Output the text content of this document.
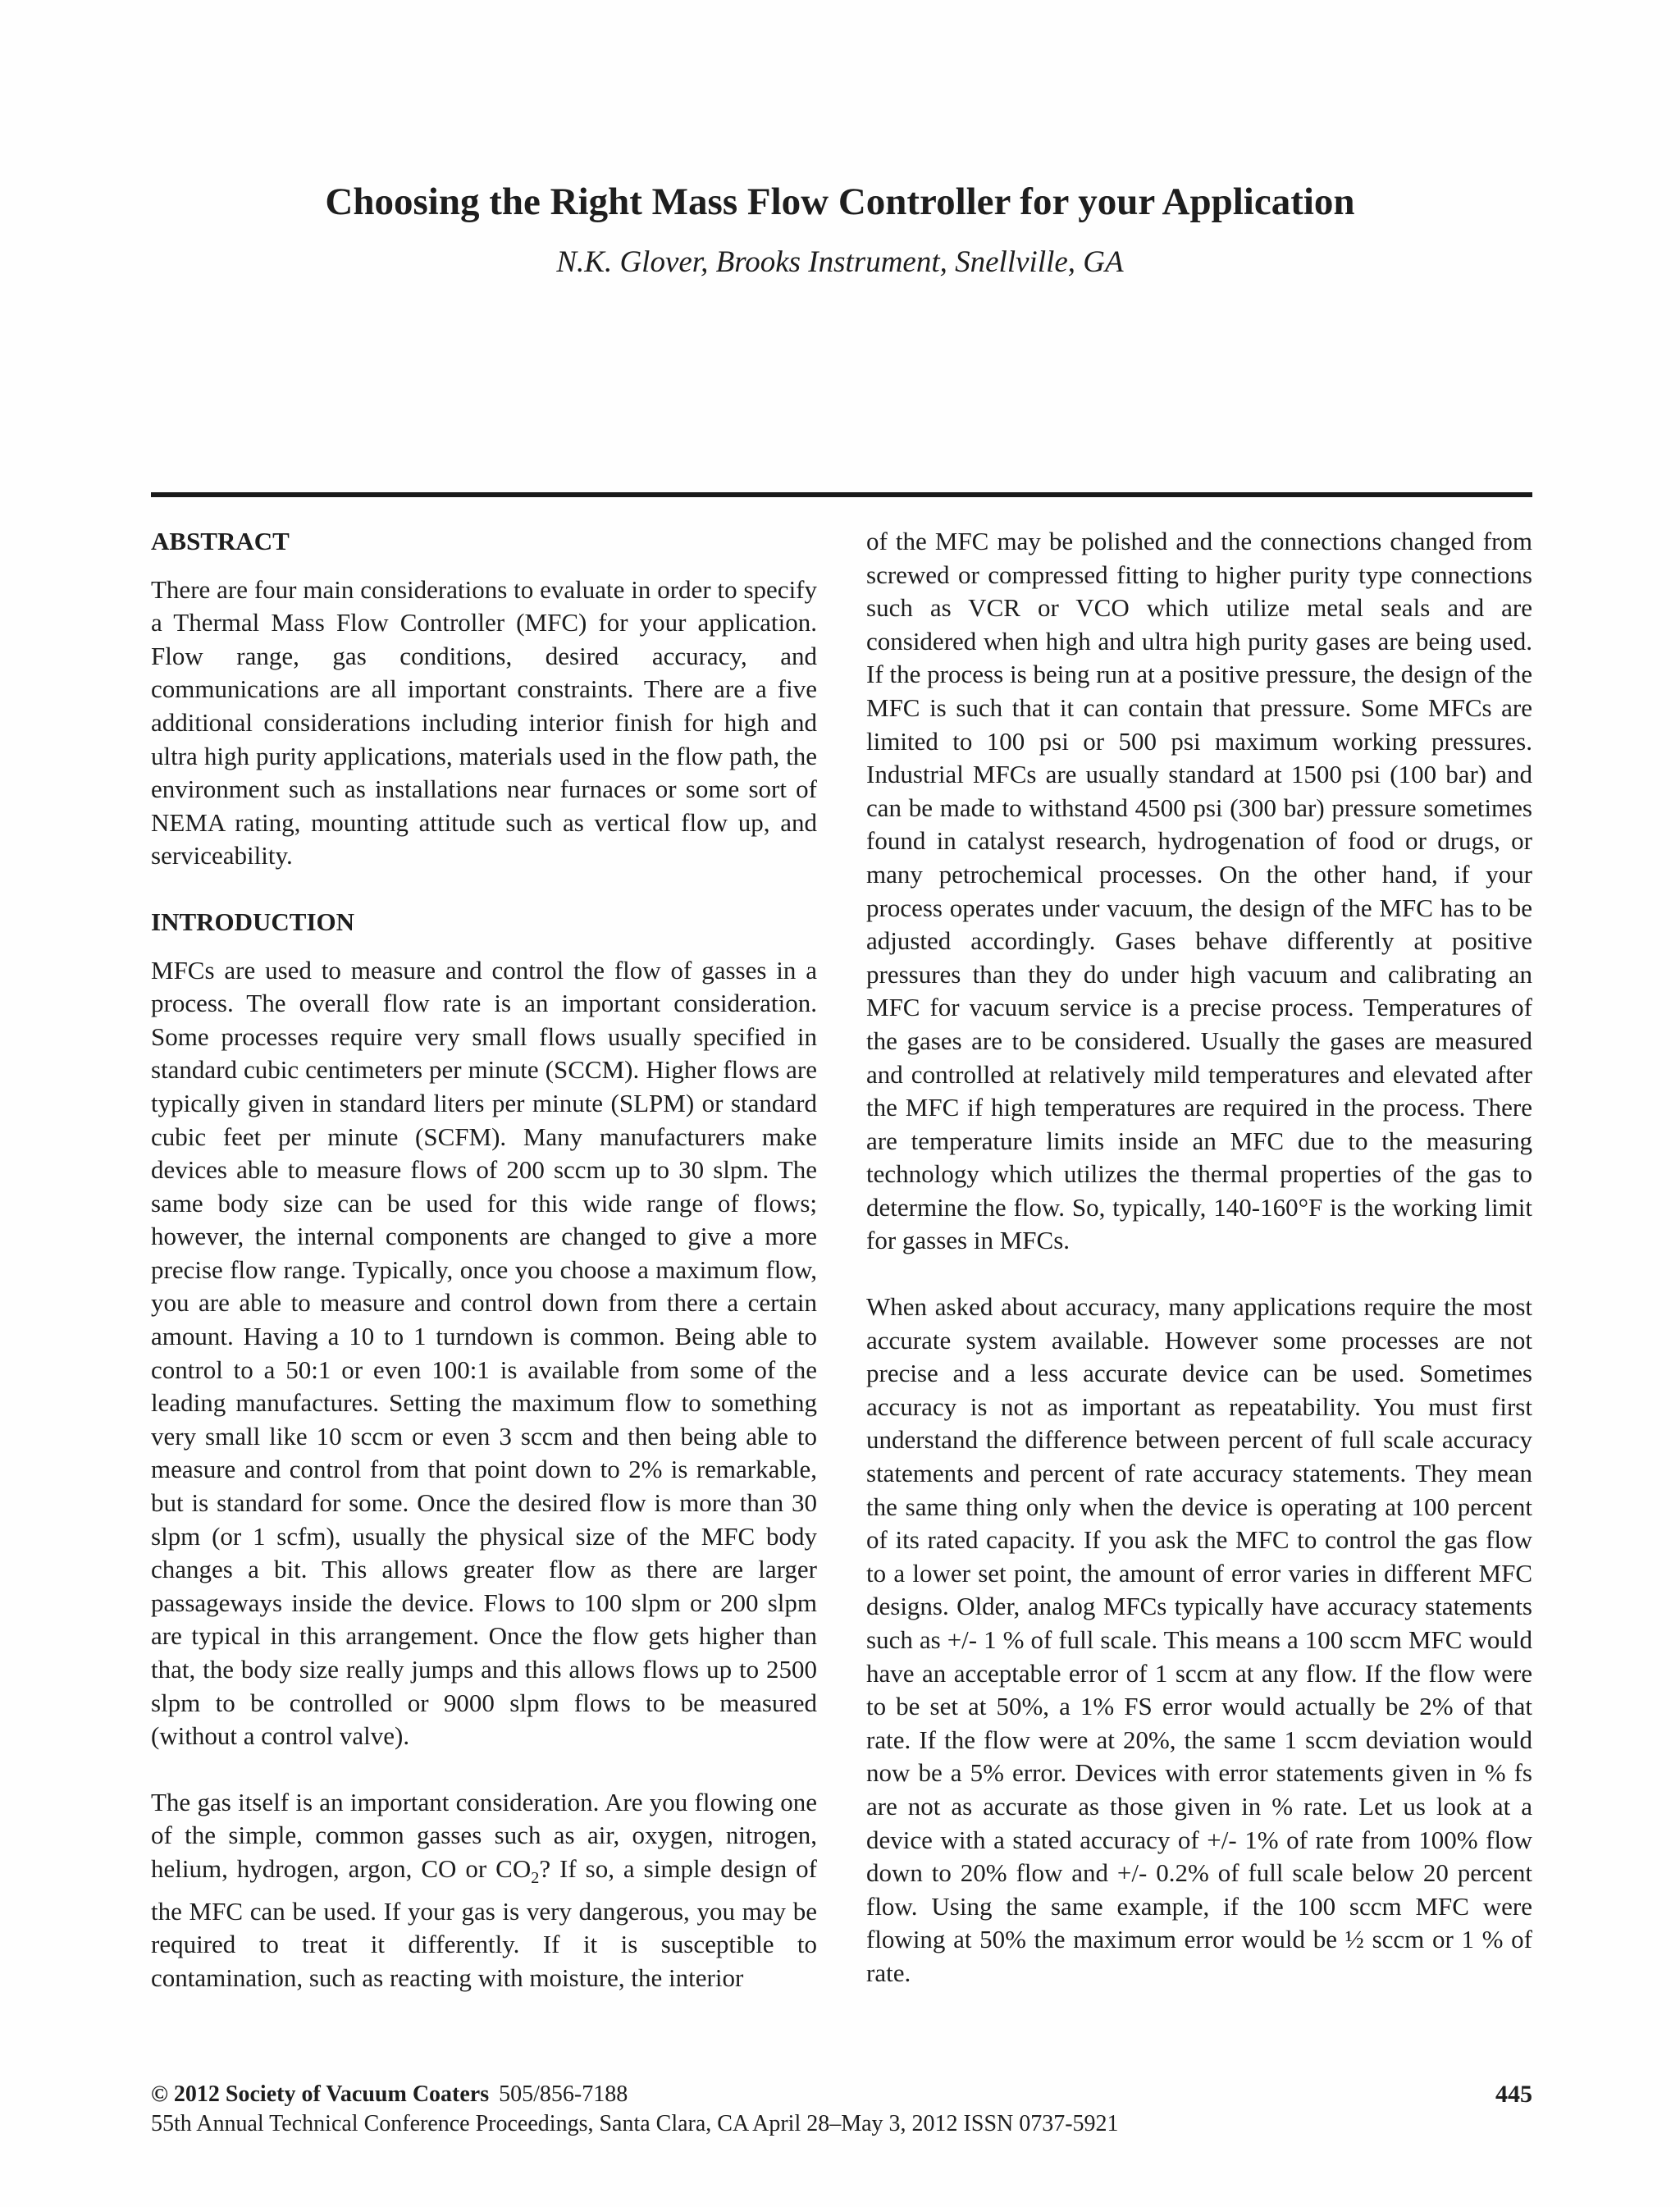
Choosing the Right Mass Flow Controller for your Application
N.K. Glover, Brooks Instrument, Snellville, GA
ABSTRACT

There are four main considerations to evaluate in order to specify a Thermal Mass Flow Controller (MFC) for your application. Flow range, gas conditions, desired accuracy, and communications are all important constraints. There are a five additional considerations including interior finish for high and ultra high purity applications, materials used in the flow path, the environment such as installations near furnaces or some sort of NEMA rating, mounting attitude such as vertical flow up, and serviceability.

INTRODUCTION

MFCs are used to measure and control the flow of gasses in a process. The overall flow rate is an important consideration. Some processes require very small flows usually specified in standard cubic centimeters per minute (SCCM). Higher flows are typically given in standard liters per minute (SLPM) or standard cubic feet per minute (SCFM). Many manufacturers make devices able to measure flows of 200 sccm up to 30 slpm. The same body size can be used for this wide range of flows; however, the internal components are changed to give a more precise flow range. Typically, once you choose a maximum flow, you are able to measure and control down from there a certain amount. Having a 10 to 1 turndown is common. Being able to control to a 50:1 or even 100:1 is available from some of the leading manufactures. Setting the maximum flow to something very small like 10 sccm or even 3 sccm and then being able to measure and control from that point down to 2% is remarkable, but is standard for some. Once the desired flow is more than 30 slpm (or 1 scfm), usually the physical size of the MFC body changes a bit. This allows greater flow as there are larger passageways inside the device. Flows to 100 slpm or 200 slpm are typical in this arrangement. Once the flow gets higher than that, the body size really jumps and this allows flows up to 2500 slpm to be controlled or 9000 slpm flows to be measured (without a control valve).

The gas itself is an important consideration. Are you flowing one of the simple, common gasses such as air, oxygen, nitrogen, helium, hydrogen, argon, CO or $CO_2$? If so, a simple design of the MFC can be used. If your gas is very dangerous, you may be required to treat it differently. If it is susceptible to contamination, such as reacting with moisture, the interior

of the MFC may be polished and the connections changed from screwed or compressed fitting to higher purity type connections such as VCR or VCO which utilize metal seals and are considered when high and ultra high purity gases are being used. If the process is being run at a positive pressure, the design of the MFC is such that it can contain that pressure. Some MFCs are limited to 100 psi or 500 psi maximum working pressures. Industrial MFCs are usually standard at 1500 psi (100 bar) and can be made to withstand 4500 psi (300 bar) pressure sometimes found in catalyst research, hydrogenation of food or drugs, or many petrochemical processes. On the other hand, if your process operates under vacuum, the design of the MFC has to be adjusted accordingly. Gases behave differently at positive pressures than they do under high vacuum and calibrating an MFC for vacuum service is a precise process. Temperatures of the gases are to be considered. Usually the gases are measured and controlled at relatively mild temperatures and elevated after the MFC if high temperatures are required in the process. There are temperature limits inside an MFC due to the measuring technology which utilizes the thermal properties of the gas to determine the flow. So, typically, 140-160°F is the working limit for gasses in MFCs.

When asked about accuracy, many applications require the most accurate system available. However some processes are not precise and a less accurate device can be used. Sometimes accuracy is not as important as repeatability. You must first understand the difference between percent of full scale accuracy statements and percent of rate accuracy statements. They mean the same thing only when the device is operating at 100 percent of its rated capacity. If you ask the MFC to control the gas flow to a lower set point, the amount of error varies in different MFC designs. Older, analog MFCs typically have accuracy statements such as +/- 1 % of full scale. This means a 100 sccm MFC would have an acceptable error of 1 sccm at any flow. If the flow were to be set at 50%, a 1% FS error would actually be 2% of that rate. If the flow were at 20%, the same 1 sccm deviation would now be a 5% error. Devices with error statements given in % fs are not as accurate as those given in % rate. Let us look at a device with a stated accuracy of +/- 1% of rate from 100% flow down to 20% flow and +/- 0.2% of full scale below 20 percent flow. Using the same example, if the 100 sccm MFC were flowing at 50% the maximum error would be ½ sccm or 1 % of rate.

© 2012 Society of Vacuum Coaters 505/856-7188	445
55th Annual Technical Conference Proceedings, Santa Clara, CA April 28–May 3, 2012 ISSN 0737-5921
